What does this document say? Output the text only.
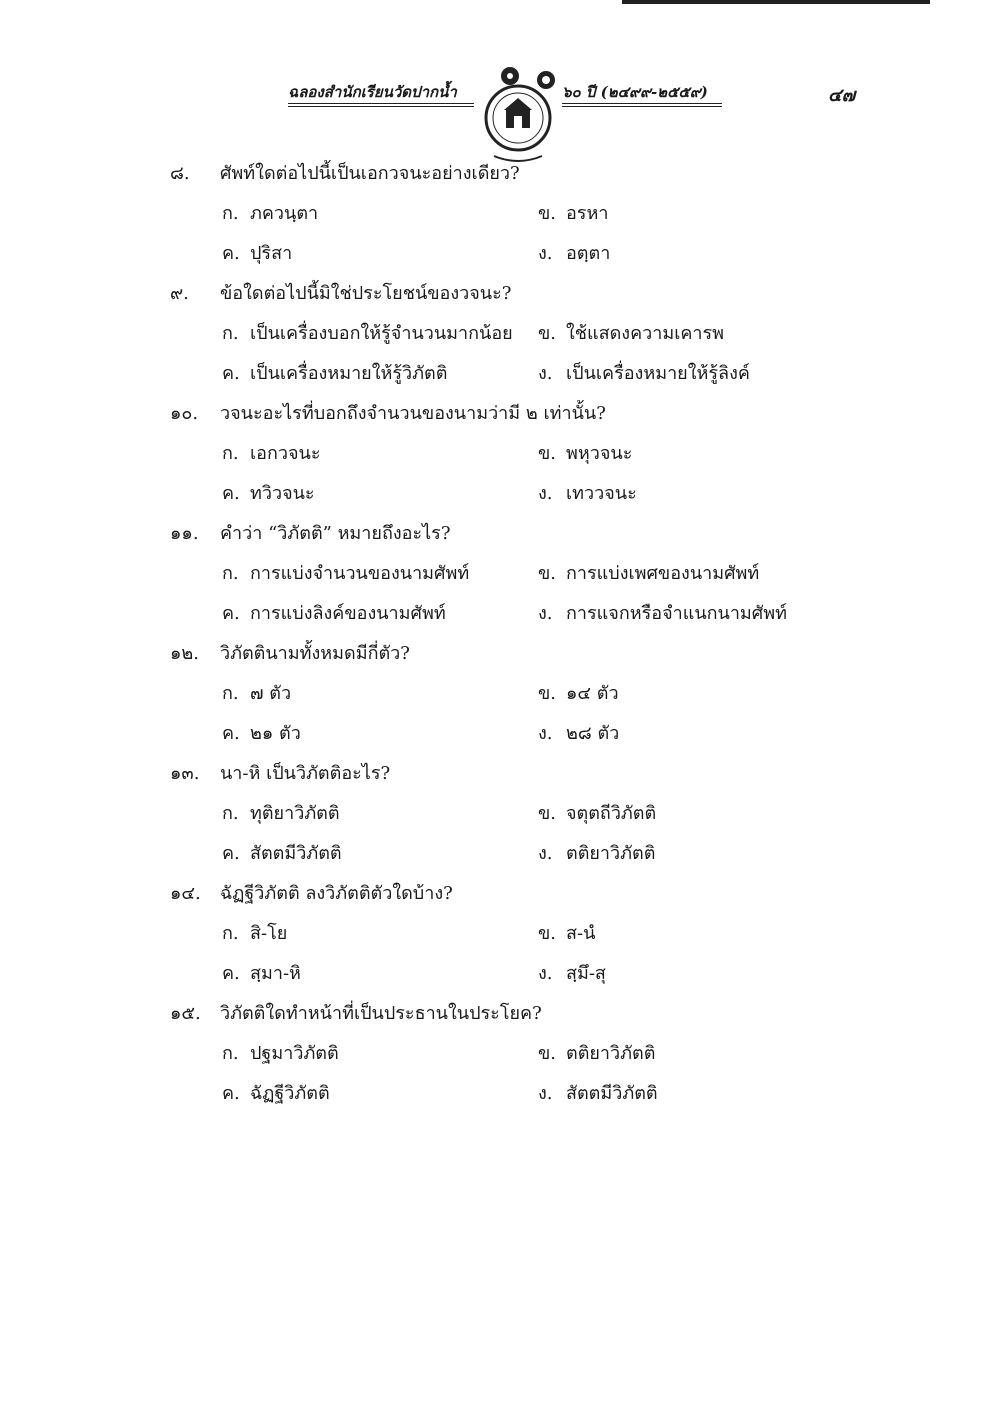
ฉลองสำนักเรียนวัดปากน้ำ	๖๐ ปี (๒๔๙๙-๒๕๕๙)	๔๗
๘. ศัพท์ใดต่อไปนี้เป็นเอกวจนะอย่างเดียว?
ก. ภควนฺตา	ข. อรหา
ค. ปุริสา	ง. อตฺตา
๙. ข้อใดต่อไปนี้มิใช่ประโยชน์ของวจนะ?
ก. เป็นเครื่องบอกให้รู้จำนวนมากน้อย ข. ใช้แสดงความเคารพ
ค. เป็นเครื่องหมายให้รู้วิภัตติ	ง. เป็นเครื่องหมายให้รู้ลิงค์
๑๐. วจนะอะไรที่บอกถึงจำนวนของนามว่ามี ๒ เท่านั้น?
ก. เอกวจนะ	ข. พหุวจนะ
ค. ทวิวจนะ	ง. เทววจนะ
๑๑. คำว่า “วิภัตติ” หมายถึงอะไร?
ก. การแบ่งจำนวนของนามศัพท์	ข. การแบ่งเพศของนามศัพท์
ค. การแบ่งลิงค์ของนามศัพท์	ง. การแจกหรือจำแนกนามศัพท์
๑๒. วิภัตตินามทั้งหมดมีกี่ตัว?
ก. ๗ ตัว	ข. ๑๔ ตัว
ค. ๒๑ ตัว	ง. ๒๘ ตัว
๑๓. นา-หิ เป็นวิภัตติอะไร?
ก. ทุติยาวิภัตติ	ข. จตุตถีวิภัตติ
ค. สัตตมีวิภัตติ	ง. ตติยาวิภัตติ
๑๔. ฉัฏฐีวิภัตติ ลงวิภัตติตัวใดบ้าง?
ก. สิ-โย	ข. ส-นํ
ค. สฺมา-หิ	ง. สฺมึ-สุ
๑๕. วิภัตติใดทำหน้าที่เป็นประธานในประโยค?
ก. ปฐมาวิภัตติ	ข. ตติยาวิภัตติ
ค. ฉัฏฐีวิภัตติ	ง. สัตตมีวิภัตติ
